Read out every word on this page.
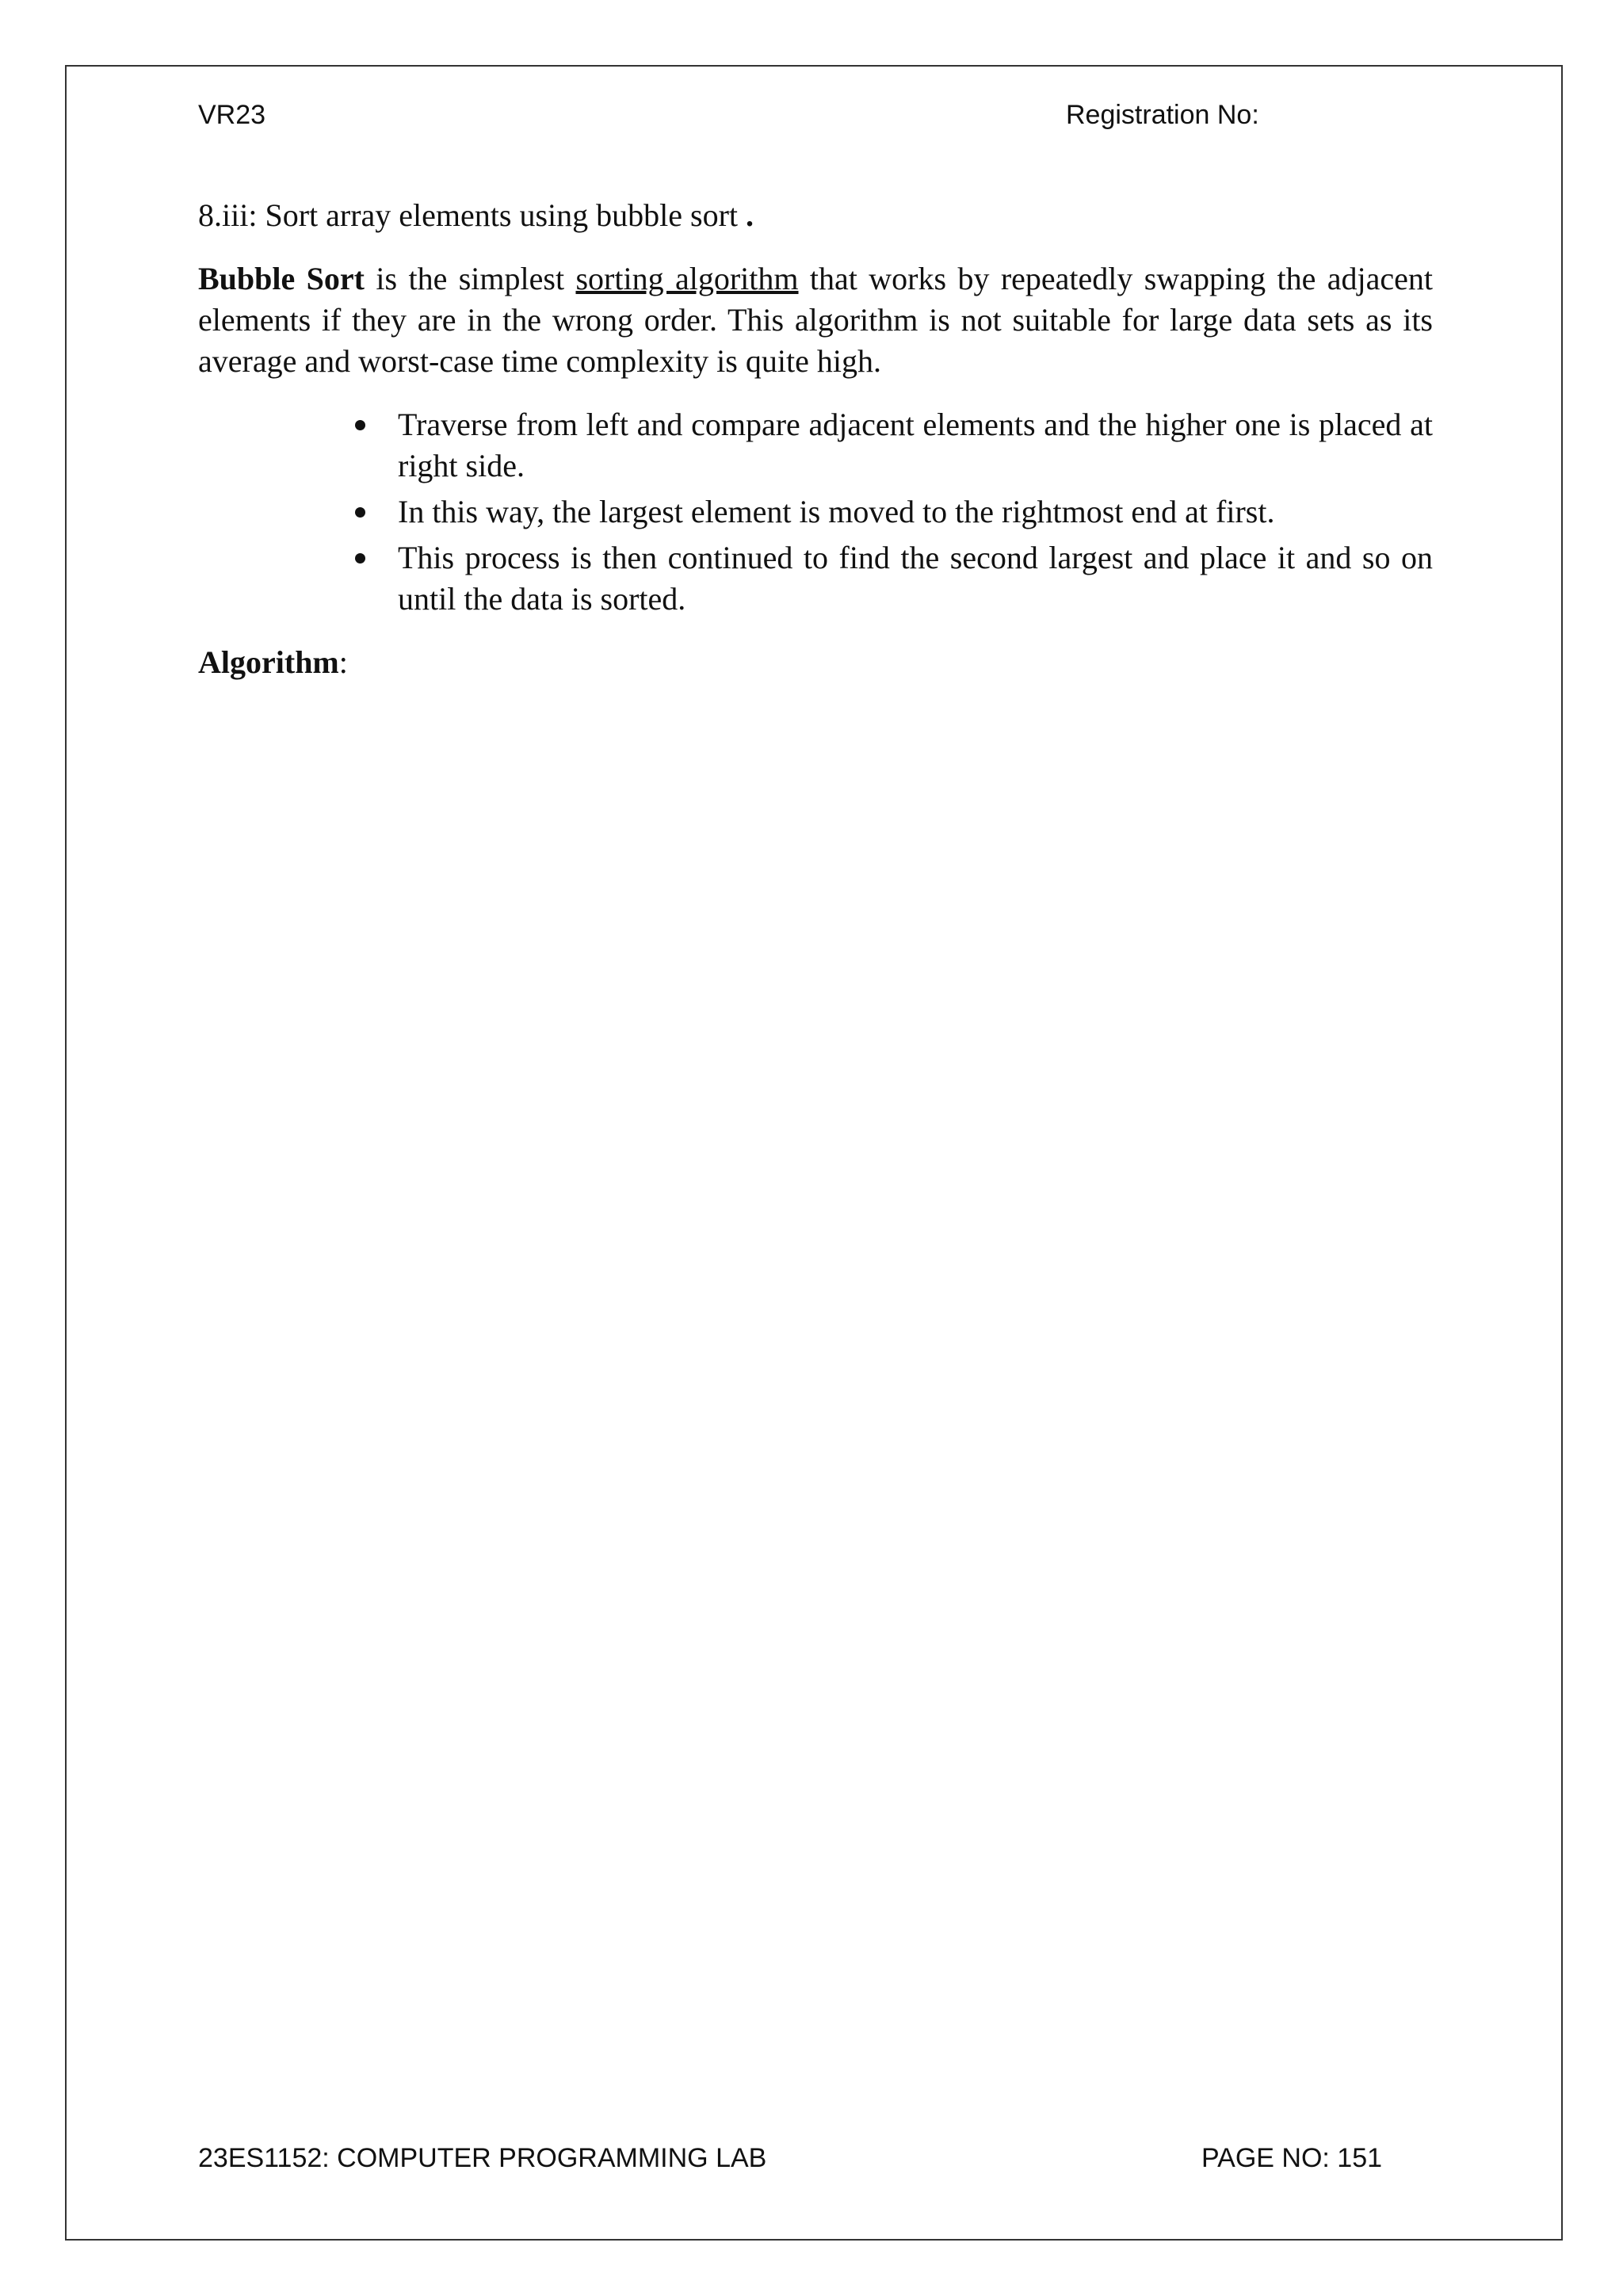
VR23	Registration No:

8.iii: Sort array elements using bubble sort .

Bubble Sort is the simplest sorting algorithm that works by repeatedly swapping the adjacent elements if they are in the wrong order. This algorithm is not suitable for large data sets as its average and worst-case time complexity is quite high.

Traverse from left and compare adjacent elements and the higher one is placed at right side.
In this way, the largest element is moved to the rightmost end at first.
This process is then continued to find the second largest and place it and so on until the data is sorted.

Algorithm:

23ES1152: COMPUTER PROGRAMMING LAB	PAGE NO: 151
